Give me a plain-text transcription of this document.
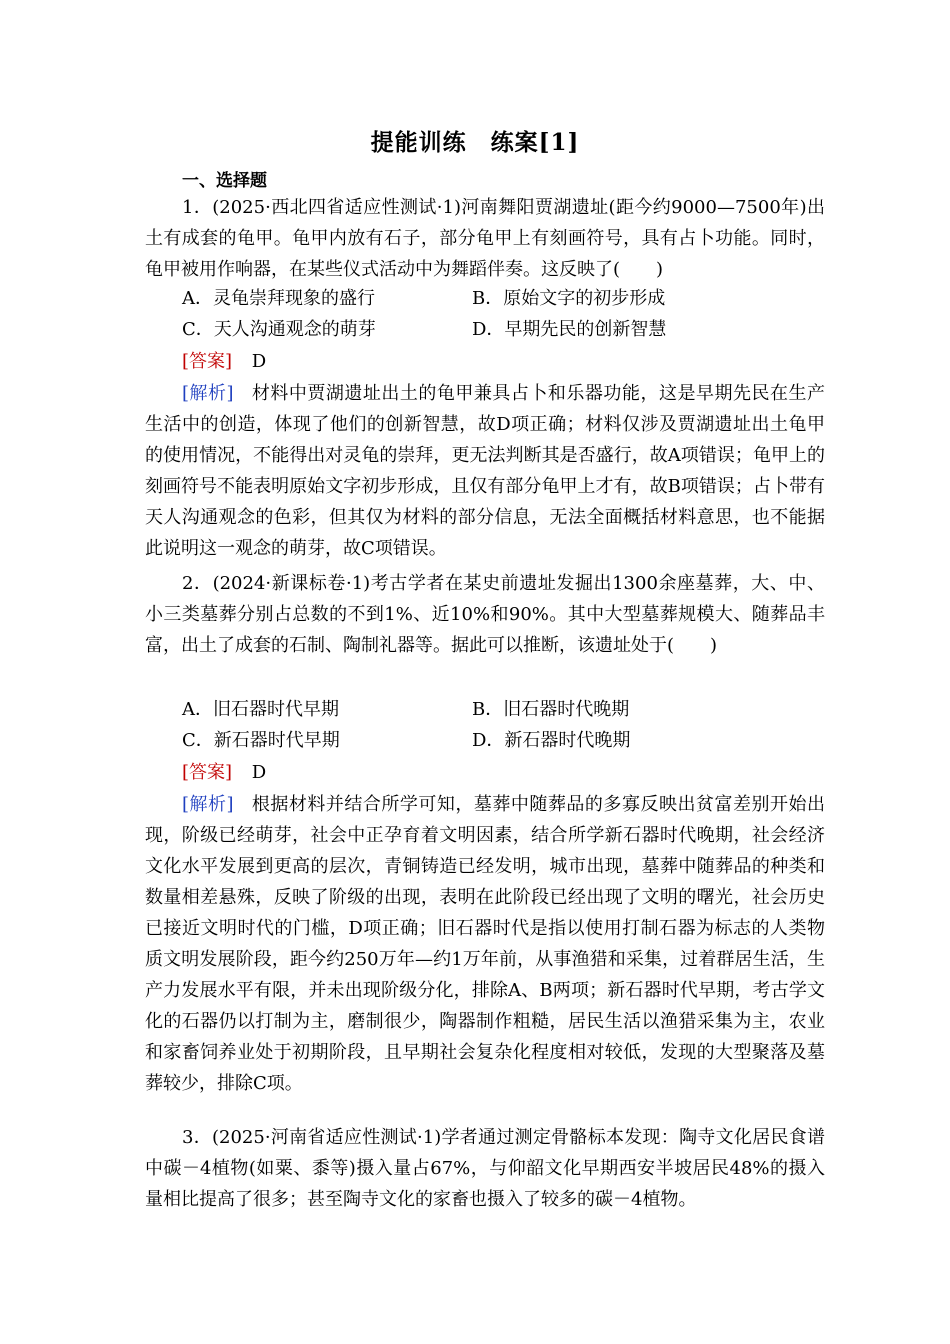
提能训练　练案[1]
一、选择题
1．(2025·西北四省适应性测试·1)河南舞阳贾湖遗址(距今约9000—7500年)出土有成套的龟甲。龟甲内放有石子，部分龟甲上有刻画符号，具有占卜功能。同时，龟甲被用作响器，在某些仪式活动中为舞蹈伴奏。这反映了(　　)
A．灵龟崇拜现象的盛行	B．原始文字的初步形成
C．天人沟通观念的萌芽	D．早期先民的创新智慧
[答案] D
[解析] 材料中贾湖遗址出土的龟甲兼具占卜和乐器功能，这是早期先民在生产生活中的创造，体现了他们的创新智慧，故D项正确；材料仅涉及贾湖遗址出土龟甲的使用情况，不能得出对灵龟的崇拜，更无法判断其是否盛行，故A项错误；龟甲上的刻画符号不能表明原始文字初步形成，且仅有部分龟甲上才有，故B项错误；占卜带有天人沟通观念的色彩，但其仅为材料的部分信息，无法全面概括材料意思，也不能据此说明这一观念的萌芽，故C项错误。
2．(2024·新课标卷·1)考古学者在某史前遗址发掘出1300余座墓葬，大、中、小三类墓葬分别占总数的不到1%、近10%和90%。其中大型墓葬规模大、随葬品丰富，出土了成套的石制、陶制礼器等。据此可以推断，该遗址处于(　　)
A．旧石器时代早期	B．旧石器时代晚期
C．新石器时代早期	D．新石器时代晚期
[答案] D
[解析] 根据材料并结合所学可知，墓葬中随葬品的多寡反映出贫富差别开始出现，阶级已经萌芽，社会中正孕育着文明因素，结合所学新石器时代晚期，社会经济文化水平发展到更高的层次，青铜铸造已经发明，城市出现，墓葬中随葬品的种类和数量相差悬殊，反映了阶级的出现，表明在此阶段已经出现了文明的曙光，社会历史已接近文明时代的门槛，D项正确；旧石器时代是指以使用打制石器为标志的人类物质文明发展阶段，距今约250万年—约1万年前，从事渔猎和采集，过着群居生活，生产力发展水平有限，并未出现阶级分化，排除A、B两项；新石器时代早期，考古学文化的石器仍以打制为主，磨制很少，陶器制作粗糙，居民生活以渔猎采集为主，农业和家畜饲养业处于初期阶段，且早期社会复杂化程度相对较低，发现的大型聚落及墓葬较少，排除C项。
3．(2025·河南省适应性测试·1)学者通过测定骨骼标本发现：陶寺文化居民食谱中碳－4植物(如粟、黍等)摄入量占67%，与仰韶文化早期西安半坡居民48%的摄入量相比提高了很多；甚至陶寺文化的家畜也摄入了较多的碳－4植物。
